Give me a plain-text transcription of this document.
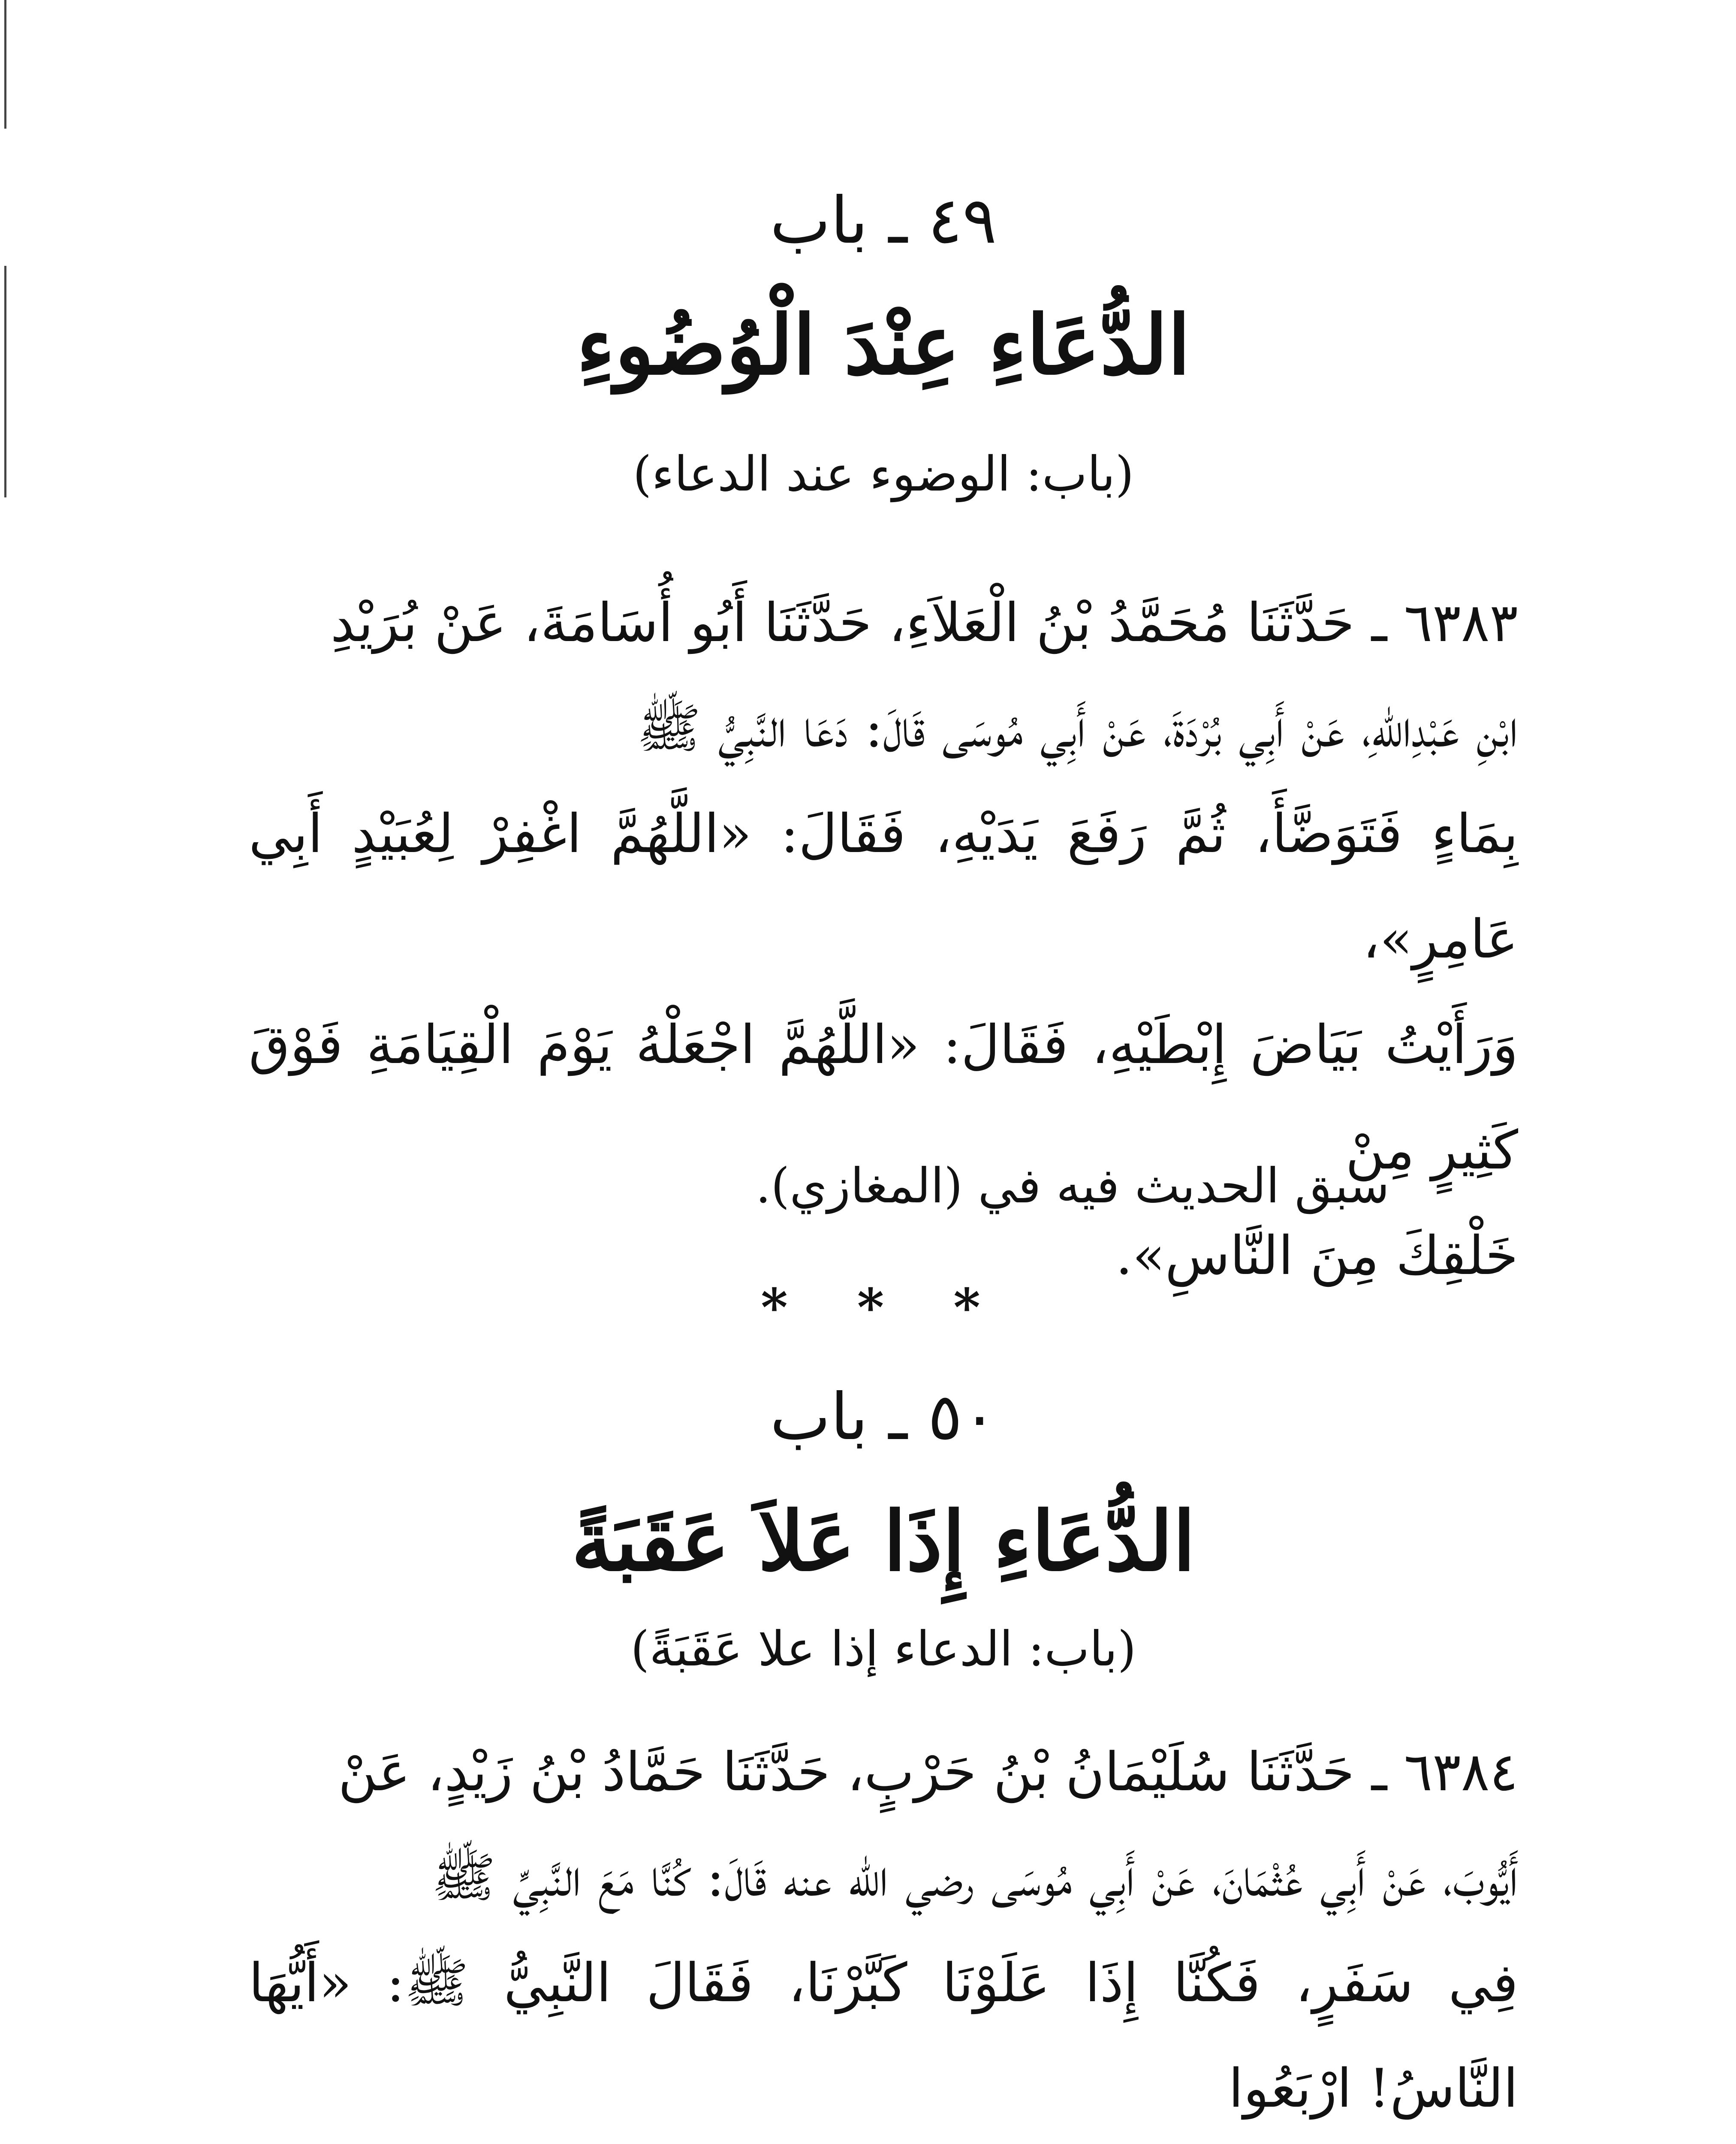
٤٩ ـ باب
الدُّعَاءِ عِنْدَ الْوُضُوءِ
(باب: الوضوء عند الدعاء)
٦٣٨٣ ـ حَدَّثَنَا مُحَمَّدُ بْنُ الْعَلاَءِ، حَدَّثَنَا أَبُو أُسَامَةَ، عَنْ بُرَيْدِ
ابْنِ عَبْدِاللهِ، عَنْ أَبِي بُرْدَةَ، عَنْ أَبِي مُوسَى قَالَ: دَعَا النَّبِيُّ ﷺ
بِمَاءٍ فَتَوَضَّأَ، ثُمَّ رَفَعَ يَدَيْهِ، فَقَالَ: «اللَّهُمَّ اغْفِرْ لِعُبَيْدٍ أَبِي عَامِرٍ»،
وَرَأَيْتُ بَيَاضَ إِبْطَيْهِ، فَقَالَ: «اللَّهُمَّ اجْعَلْهُ يَوْمَ الْقِيَامَةِ فَوْقَ كَثِيرٍ مِنْ
خَلْقِكَ مِنَ النَّاسِ».
سبق الحديث فيه في (المغازي).
* * *
٥٠ ـ باب
الدُّعَاءِ إِذَا عَلاَ عَقَبَةً
(باب: الدعاء إذا علا عَقَبَةً)
٦٣٨٤ ـ حَدَّثَنَا سُلَيْمَانُ بْنُ حَرْبٍ، حَدَّثَنَا حَمَّادُ بْنُ زَيْدٍ، عَنْ
أَيُّوبَ، عَنْ أَبِي عُثْمَانَ، عَنْ أَبِي مُوسَى رضي الله عنه قَالَ: كُنَّا مَعَ النَّبِيِّ ﷺ
فِي سَفَرٍ، فَكُنَّا إِذَا عَلَوْنَا كَبَّرْنَا، فَقَالَ النَّبِيُّ ﷺ: «أَيُّهَا النَّاسُ! ارْبَعُوا
